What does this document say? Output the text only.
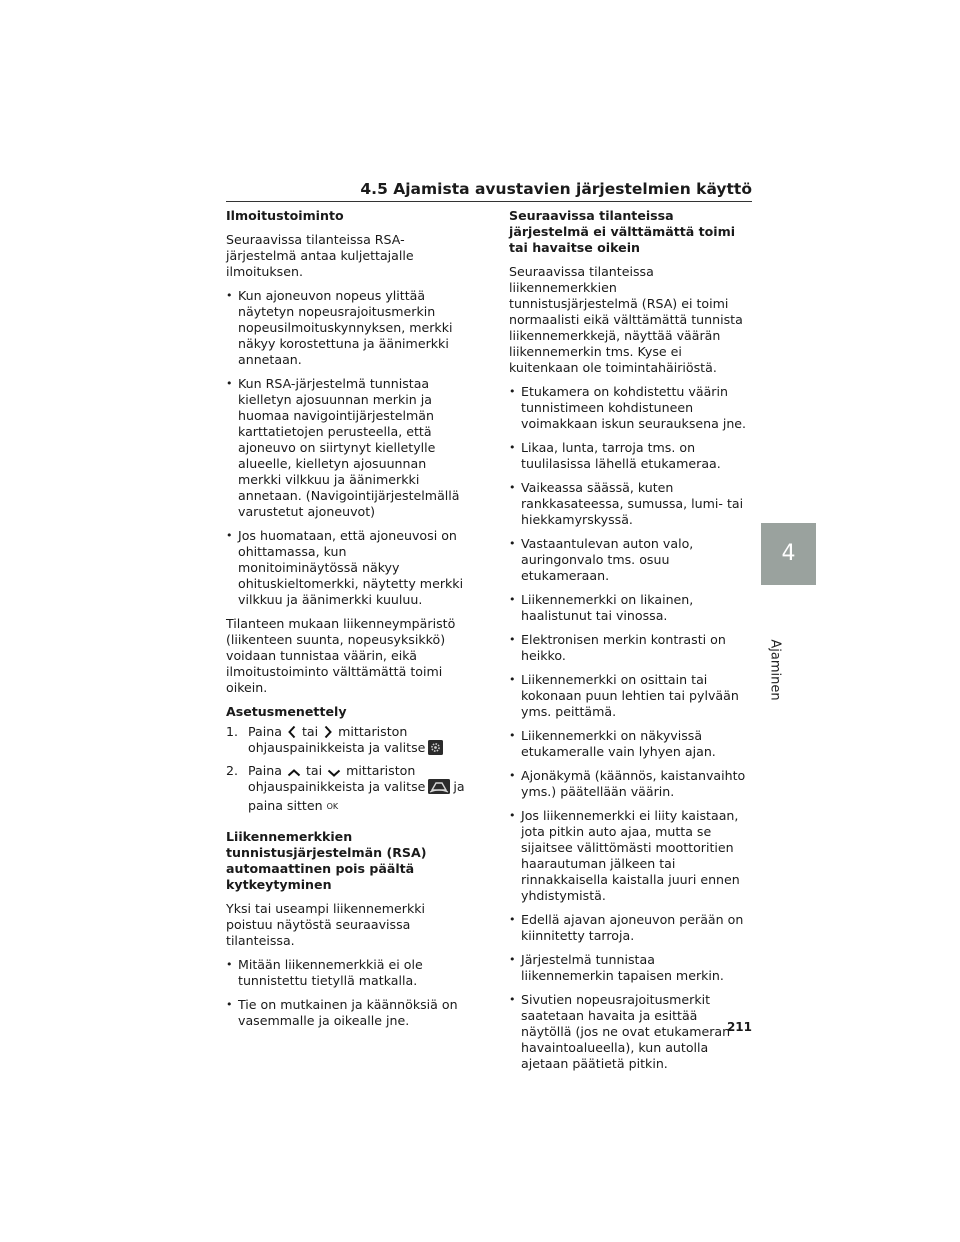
4.5 Ajamista avustavien järjestelmien käyttö
Ilmoitustoiminto
Seuraavissa tilanteissa RSA-järjestelmä antaa kuljettajalle ilmoituksen.
• Kun ajoneuvon nopeus ylittää näytetyn nopeusrajoitusmerkin nopeusilmoituskynnyksen, merkki näkyy korostettuna ja äänimerkki annetaan.
• Kun RSA-järjestelmä tunnistaa kielletyn ajosuunnan merkin ja huomaa navigointijärjestelmän karttatietojen perusteella, että ajoneuvo on siirtynyt kielletylle alueelle, kielletyn ajosuunnan merkki vilkkuu ja äänimerkki annetaan. (Navigointijärjestelmällä varustetut ajoneuvot)
• Jos huomataan, että ajoneuvosi on ohittamassa, kun monitoiminäytössä näkyy ohituskieltomerkki, näytetty merkki vilkkuu ja äänimerkki kuuluu.
Tilanteen mukaan liikenneympäristö (liikenteen suunta, nopeusyksikkö) voidaan tunnistaa väärin, eikä ilmoitustoiminto välttämättä toimi oikein.
Asetusmenettely
1. Paina tai mittariston ohjauspainikkeista ja valitse
2. Paina tai mittariston ohjauspainikkeista ja valitse ja
paina sitten OK
Liikennemerkkien tunnistusjärjestelmän (RSA) automaattinen pois päältä kytkeytyminen
Yksi tai useampi liikennemerkki poistuu näytöstä seuraavissa tilanteissa.
• Mitään liikennemerkkiä ei ole tunnistettu tietyllä matkalla.
• Tie on mutkainen ja käännöksiä on vasemmalle ja oikealle jne.
Seuraavissa tilanteissa järjestelmä ei välttämättä toimi tai havaitse oikein
Seuraavissa tilanteissa liikennemerkkien tunnistusjärjestelmä (RSA) ei toimi normaalisti eikä välttämättä tunnista liikennemerkkejä, näyttää väärän liikennemerkin tms. Kyse ei kuitenkaan ole toimintahäiriöstä.
• Etukamera on kohdistettu väärin tunnistimeen kohdistuneen voimakkaan iskun seurauksena jne.
• Likaa, lunta, tarroja tms. on tuulilasissa lähellä etukameraa.
• Vaikeassa säässä, kuten rankkasateessa, sumussa, lumi- tai hiekkamyrskyssä.
• Vastaantulevan auton valo, auringonvalo tms. osuu etukameraan.
• Liikennemerkki on likainen, haalistunut tai vinossa.
• Elektronisen merkin kontrasti on heikko.
• Liikennemerkki on osittain tai kokonaan puun lehtien tai pylvään yms. peittämä.
• Liikennemerkki on näkyvissä etukameralle vain lyhyen ajan.
• Ajonäkymä (käännös, kaistanvaihto yms.) päätellään väärin.
• Jos liikennemerkki ei liity kaistaan, jota pitkin auto ajaa, mutta se sijaitsee välittömästi moottoritien haarautuman jälkeen tai rinnakkaisella kaistalla juuri ennen yhdistymistä.
• Edellä ajavan ajoneuvon perään on kiinnitetty tarroja.
• Järjestelmä tunnistaa liikennemerkin tapaisen merkin.
• Sivutien nopeusrajoitusmerkit saatetaan havaita ja esittää näytöllä (jos ne ovat etukameran havaintoalueella), kun autolla ajetaan päätietä pitkin.
4
Ajaminen
211
